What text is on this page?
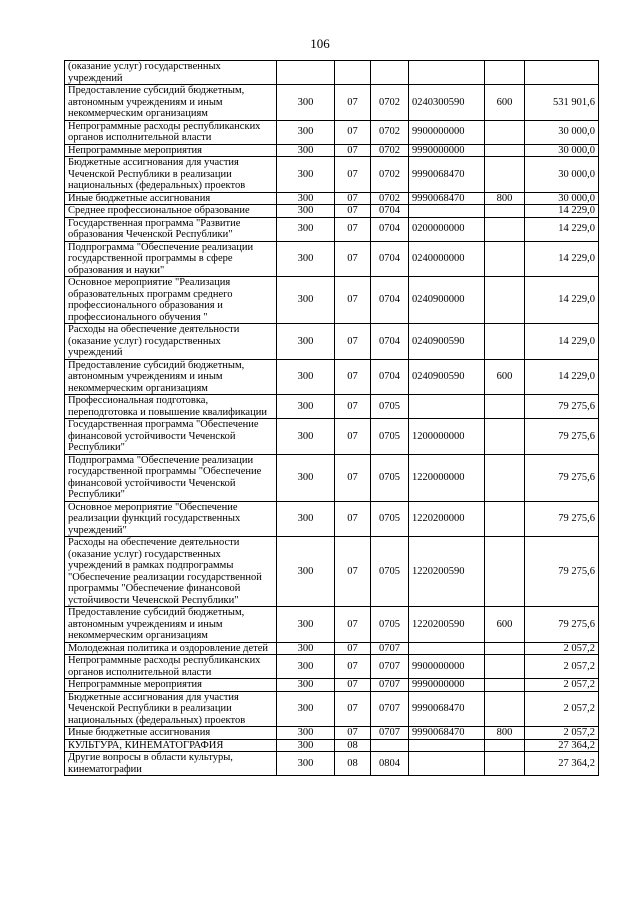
106
(оказание услуг) государственных учреждений						
Предоставление субсидий бюджетным, автономным учреждениям и иным некоммерческим организациям	300	07	0702	0240300590	600	531 901,6
Непрограммные расходы республиканских органов исполнительной власти	300	07	0702	9900000000		30 000,0
Непрограммные мероприятия	300	07	0702	9990000000		30 000,0
Бюджетные ассигнования для участия Чеченской Республики в реализации национальных (федеральных) проектов	300	07	0702	9990068470		30 000,0
Иные бюджетные ассигнования	300	07	0702	9990068470	800	30 000,0
Среднее профессиональное образование	300	07	0704			14 229,0
Государственная программа "Развитие образования Чеченской Республики"	300	07	0704	0200000000		14 229,0
Подпрограмма "Обеспечение реализации государственной программы в сфере образования и науки"	300	07	0704	0240000000		14 229,0
Основное мероприятие "Реализация образовательных программ среднего профессионального образования и профессионального обучения "	300	07	0704	0240900000		14 229,0
Расходы на обеспечение деятельности (оказание услуг) государственных учреждений	300	07	0704	0240900590		14 229,0
Предоставление субсидий бюджетным, автономным учреждениям и иным некоммерческим организациям	300	07	0704	0240900590	600	14 229,0
Профессиональная подготовка, переподготовка и повышение квалификации	300	07	0705			79 275,6
Государственная программа "Обеспечение финансовой устойчивости Чеченской Республики"	300	07	0705	1200000000		79 275,6
Подпрограмма "Обеспечение реализации государственной программы "Обеспечение финансовой устойчивости Чеченской Республики"	300	07	0705	1220000000		79 275,6
Основное мероприятие "Обеспечение реализации функций государственных учреждений"	300	07	0705	1220200000		79 275,6
Расходы на обеспечение деятельности (оказание услуг) государственных учреждений в рамках подпрограммы "Обеспечение реализации государственной программы "Обеспечение финансовой устойчивости Чеченской Республики"	300	07	0705	1220200590		79 275,6
Предоставление субсидий бюджетным, автономным учреждениям и иным некоммерческим организациям	300	07	0705	1220200590	600	79 275,6
Молодежная политика и оздоровление детей	300	07	0707			2 057,2
Непрограммные расходы республиканских органов исполнительной власти	300	07	0707	9900000000		2 057,2
Непрограммные мероприятия	300	07	0707	9990000000		2 057,2
Бюджетные ассигнования для участия Чеченской Республики в реализации национальных (федеральных) проектов	300	07	0707	9990068470		2 057,2
Иные бюджетные ассигнования	300	07	0707	9990068470	800	2 057,2
КУЛЬТУРА, КИНЕМАТОГРАФИЯ	300	08				27 364,2
Другие вопросы в области культуры, кинематографии	300	08	0804			27 364,2
